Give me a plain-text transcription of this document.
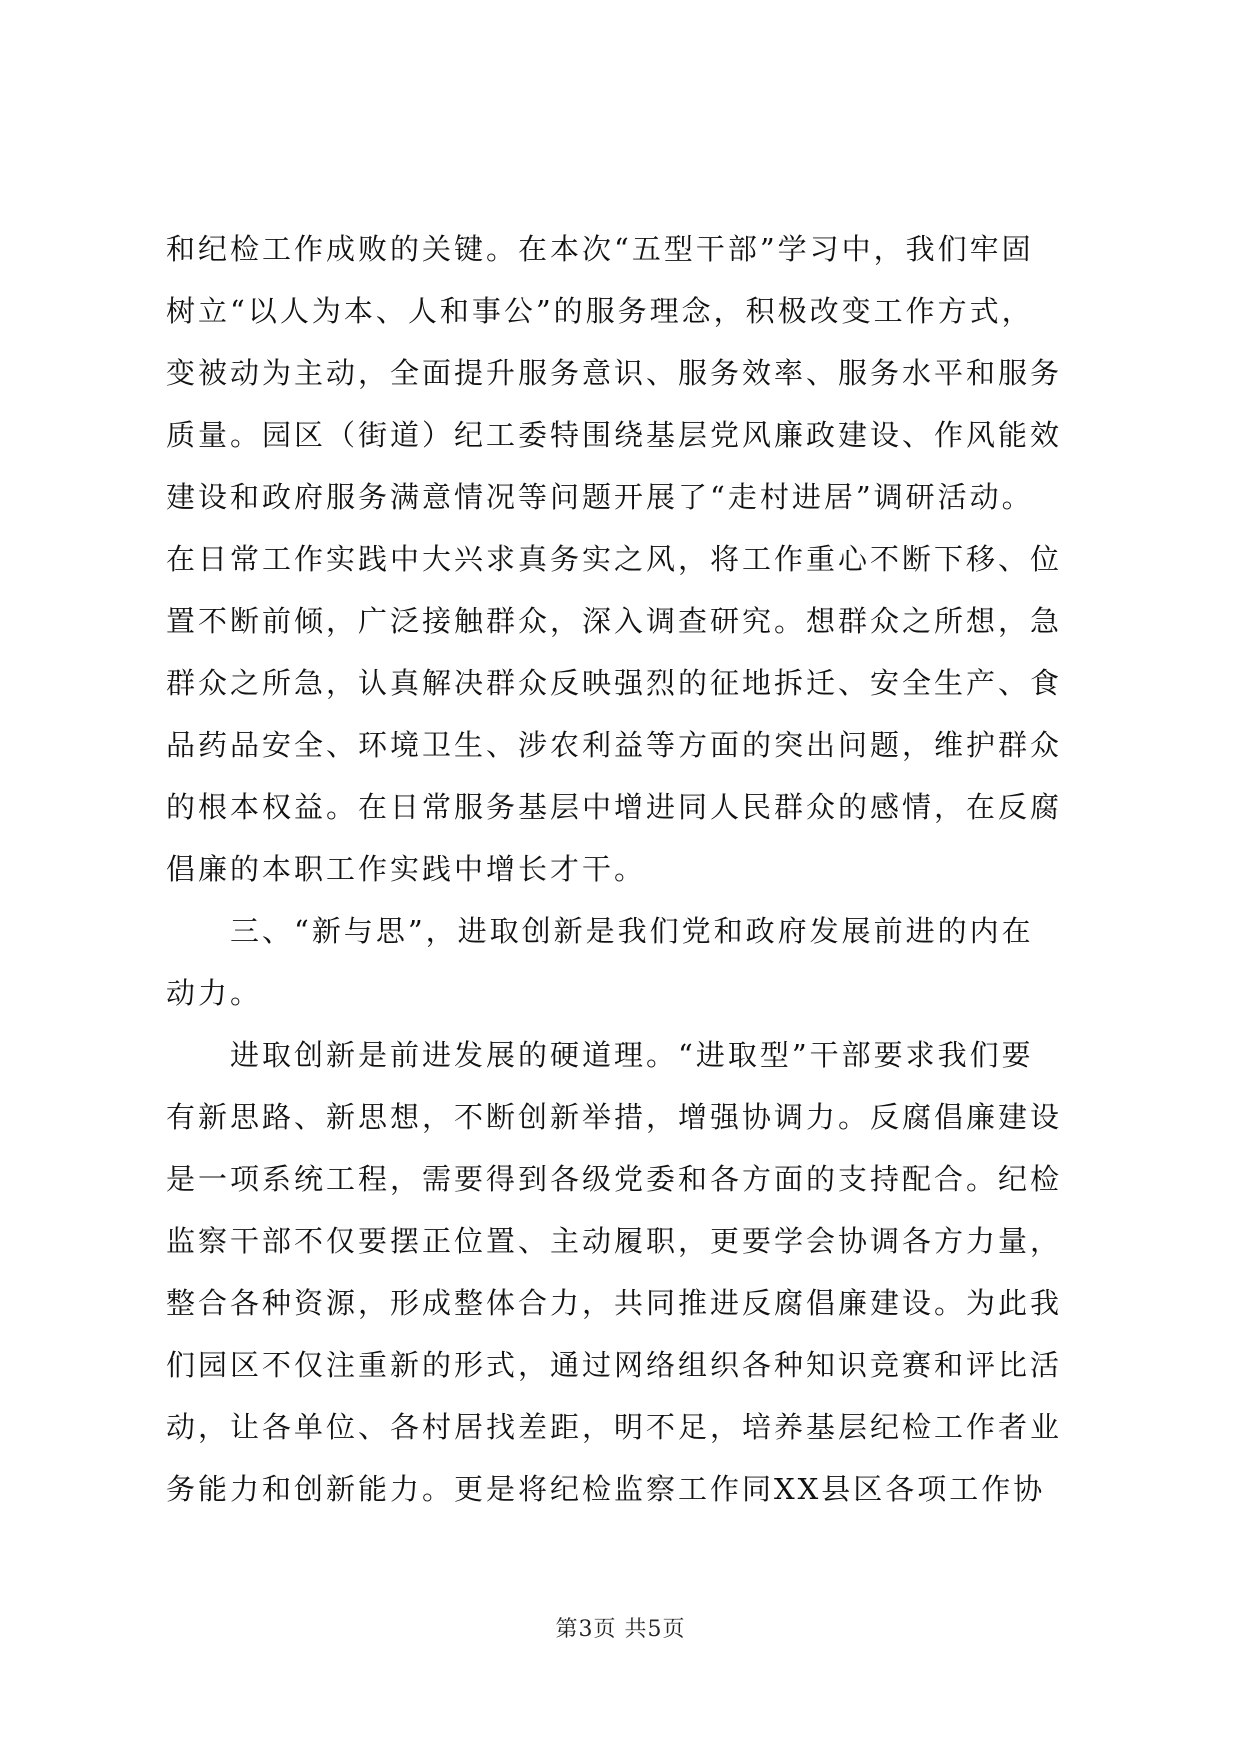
和纪检工作成败的关键。在本次“五型干部”学习中，我们牢固
树立“以人为本、人和事公”的服务理念，积极改变工作方式，
变被动为主动，全面提升服务意识、服务效率、服务水平和服务
质量。园区（街道）纪工委特围绕基层党风廉政建设、作风能效
建设和政府服务满意情况等问题开展了“走村进居”调研活动。
在日常工作实践中大兴求真务实之风，将工作重心不断下移、位
置不断前倾，广泛接触群众，深入调查研究。想群众之所想，急
群众之所急，认真解决群众反映强烈的征地拆迁、安全生产、食
品药品安全、环境卫生、涉农利益等方面的突出问题，维护群众
的根本权益。在日常服务基层中增进同人民群众的感情，在反腐
倡廉的本职工作实践中增长才干。
三、“新与思”，进取创新是我们党和政府发展前进的内在
动力。
进取创新是前进发展的硬道理。“进取型”干部要求我们要
有新思路、新思想，不断创新举措，增强协调力。反腐倡廉建设
是一项系统工程，需要得到各级党委和各方面的支持配合。纪检
监察干部不仅要摆正位置、主动履职，更要学会协调各方力量，
整合各种资源，形成整体合力，共同推进反腐倡廉建设。为此我
们园区不仅注重新的形式，通过网络组织各种知识竞赛和评比活
动，让各单位、各村居找差距，明不足，培养基层纪检工作者业
务能力和创新能力。更是将纪检监察工作同XX县区各项工作协
第3页 共5页
